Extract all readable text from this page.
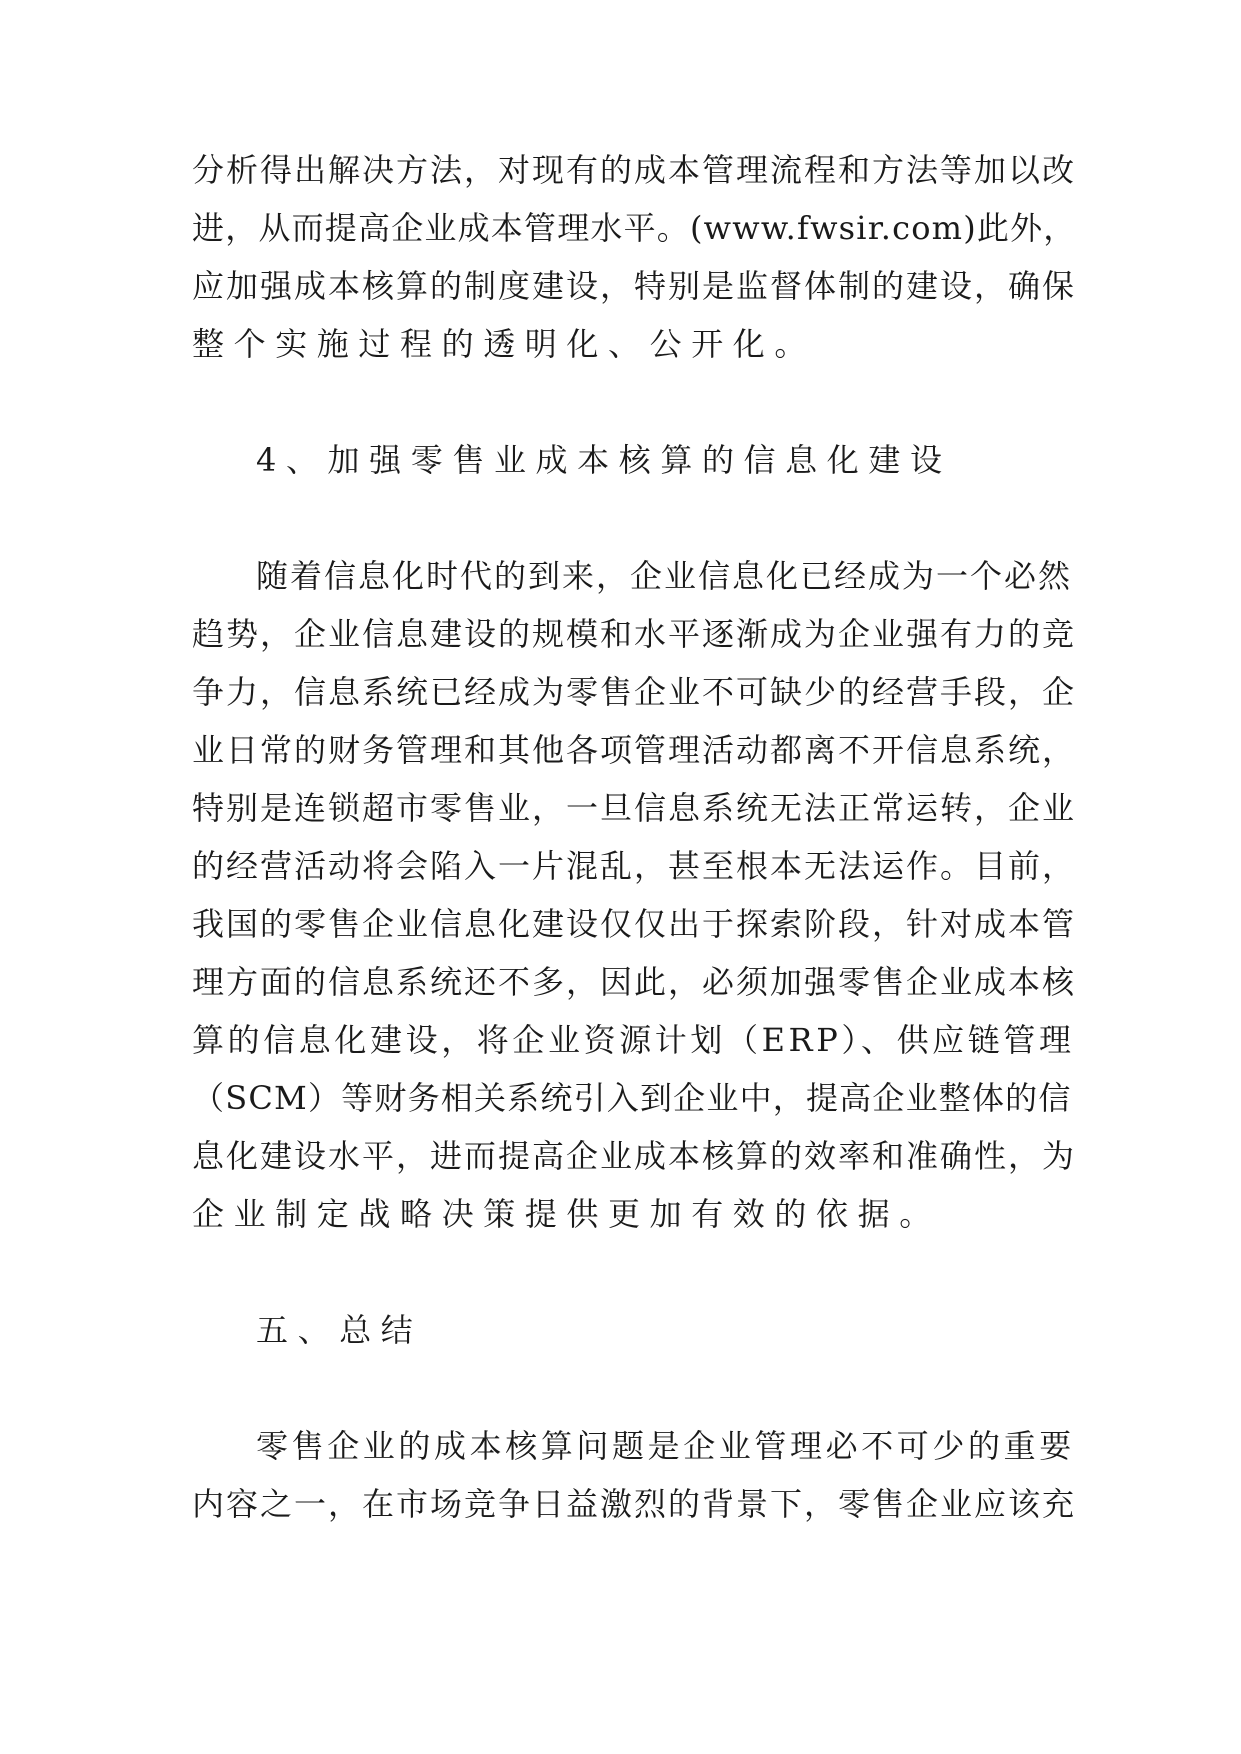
分析得出解决方法，对现有的成本管理流程和方法等加以改
进，从而提高企业成本管理水平。(www.fwsir.com)此外，
应加强成本核算的制度建设，特别是监督体制的建设，确保
整个实施过程的透明化、公开化。
4、加强零售业成本核算的信息化建设
随着信息化时代的到来，企业信息化已经成为一个必然
趋势，企业信息建设的规模和水平逐渐成为企业强有力的竞
争力，信息系统已经成为零售企业不可缺少的经营手段，企
业日常的财务管理和其他各项管理活动都离不开信息系统，
特别是连锁超市零售业，一旦信息系统无法正常运转，企业
的经营活动将会陷入一片混乱，甚至根本无法运作。目前，
我国的零售企业信息化建设仅仅出于探索阶段，针对成本管
理方面的信息系统还不多，因此，必须加强零售企业成本核
算的信息化建设，将企业资源计划（ERP）、供应链管理
（SCM）等财务相关系统引入到企业中，提高企业整体的信
息化建设水平，进而提高企业成本核算的效率和准确性，为
企业制定战略决策提供更加有效的依据。
五、总结
零售企业的成本核算问题是企业管理必不可少的重要
内容之一，在市场竞争日益激烈的背景下，零售企业应该充
